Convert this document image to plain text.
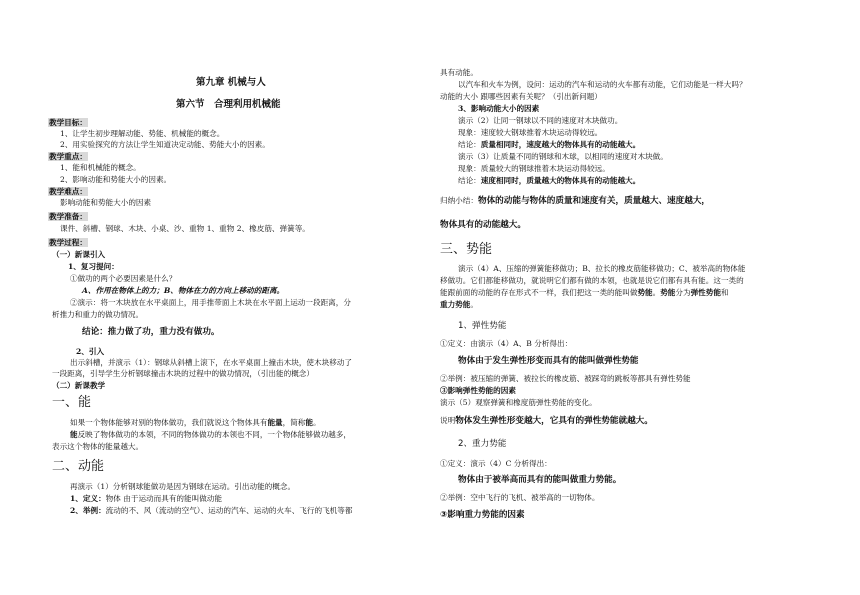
第九章 机械与人
第六节　合理利用机械能
教学目标：
1、让学生初步理解动能、势能、机械能的概念。
2、用实验探究的方法让学生知道决定动能、势能大小的因素。
教学重点：
1、能和机械能的概念。
2、影响动能和势能大小的因素。
教学难点：
影响动能和势能大小的因素
教学准备：
课件、斜槽、钢球、木块、小桌、沙、重物 1、重物 2、橡皮筋、弹簧等。
教学过程：
（一）新课引入
1、复习提问：
①做功的两个必要因素是什么？
A、作用在物体上的力；B、物体在力的方向上移动的距离。
②演示：将一木块放在水平桌面上，用手推带面上木块在水平面上运动一段距离，分
析推力和重力的做功情况。
结论：推力做了功，重力没有做功。
2、引入
出示斜槽，并演示（1）：钢球从斜槽上滚下，在水平桌面上撞击木块，使木块移动了
一段距离，引导学生分析钢球撞击木块的过程中的做功情况，（引出能的概念）
（二）新课教学
一、能
如果一个物体能够对别的物体做功，我们就说这个物体具有能量，简称能。
能反映了物体做功的本领，不同的物体做功的本领也不同，一个物体能够做功越多，
表示这个物体的能量越大。
二、动能
再演示（1）分析钢球能做功是因为钢球在运动。引出动能的概念。
1、定义：物体 由于运动而具有的能叫做动能
2、举例：流动的不、风（流动的空气）、运动的汽车、运动的火车、飞行的飞机等都
具有动能。
以汽车和火车为例，设问：运动的汽车和运动的火车都有动能，它们动能是一样大吗？
动能的大小 跟哪些因素有关呢？（引出新问题）
3、影响动能大小的因素
演示（2）让同一钢球以不同的速度对木块做功。
现象：速度较大钢球推着木块运动得较远。
结论：质量相同时，速度越大的物体具有的动能越大。
演示（3）让质量不同的钢球和木球，以相同的速度对木块做。
现象：质量较大的钢球推着木块运动得较远。
结论：速度相同时，质量越大的物体具有的动能越大。
归纳小结：物体的动能与物体的质量和速度有关，质量越大、速度越大，
物体具有的动能越大。
三、势能
演示（4）A、压缩的弹簧能移做功；B、拉长的橡皮筋能移做功；C、被举高的物体能
移做功。它们都能移做功，就说明它们都有做的本领，也就是说它们都有具有能。这一类的
能跟前面的动能的存在形式不一样，我们把这一类的能叫做势能。势能分为弹性势能和
重力势能。
1、弹性势能
①定义：由演示（4）A、B 分析得出：
物体由于发生弹性形变而具有的能叫做弹性势能
②举例：被压缩的弹簧、被拉长的橡皮筋、被踩弯的跳板等都具有弹性势能
③影响弹性势能的因素
演示（5）观察弹簧和橡度筋弹性势能的变化。
说明物体发生弹性形变越大，它具有的弹性势能就越大。
2、重力势能
①定义：演示（4）C 分析得出：
物体由于被举高而具有的能叫做重力势能。
②举例：空中飞行的飞机、被举高的一切物体。
③影响重力势能的因素
